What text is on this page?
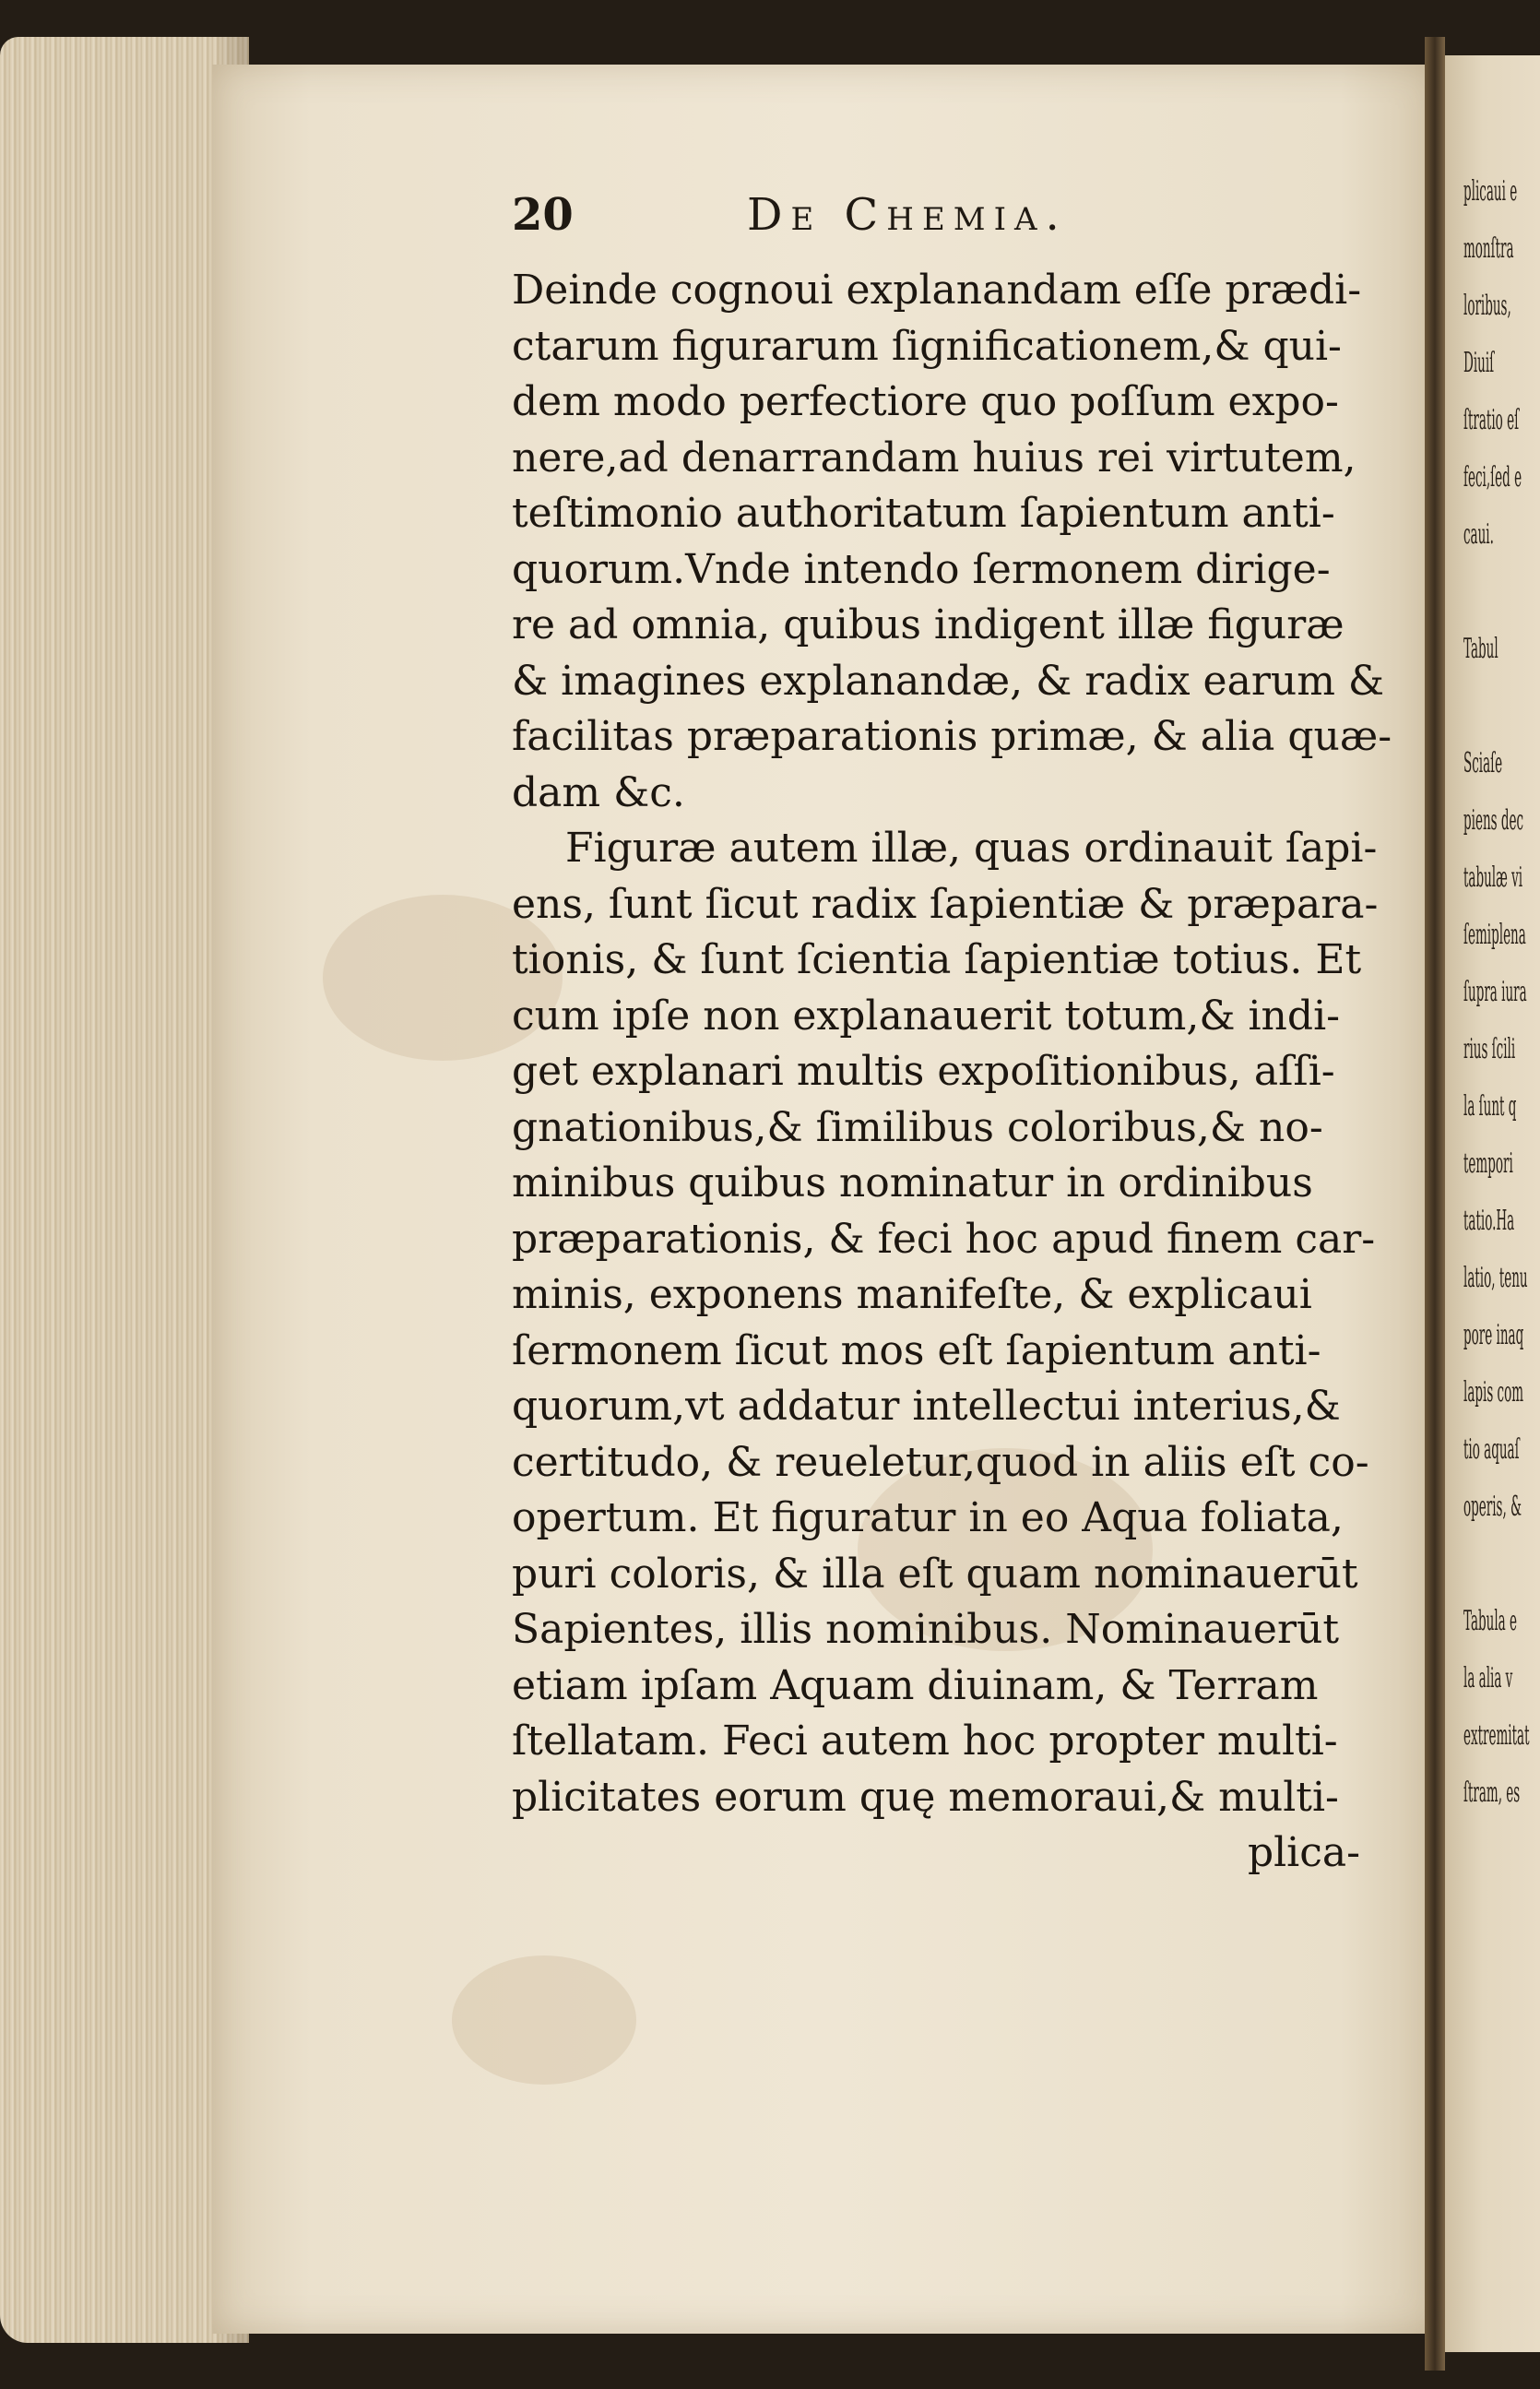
plicaui e
monſtra
loribus,
Diuiſ
ſtratio eſ
feci,ſed e
caui.
Tabul
Sciaſe
piens dec
tabulæ vi
ſemiplena
ſupra iura
rius ſcili
la ſunt q
tempori
tatio.Ha
latio, tenu
pore inaq
lapis com
tio aquaſ
operis, &
Tabula e
la alia v
extremitat
ſtram, es
20	De Chemia.
Deinde cognoui explanandam eſſe prædi-
ctarum figurarum ſignificationem,& qui-
dem modo perfectiore quo poſſum expo-
nere,ad denarrandam huius rei virtutem,
teſtimonio authoritatum ſapientum anti-
quorum.Vnde intendo ſermonem dirige-
re ad omnia, quibus indigent illæ figuræ
& imagines explanandæ, & radix earum &
facilitas præparationis primæ, & alia quæ-
dam &c.
Figuræ autem illæ, quas ordinauit ſapi-
ens, ſunt ſicut radix ſapientiæ & præpara-
tionis, & ſunt ſcientia ſapientiæ totius. Et
cum ipſe non explanauerit totum,& indi-
get explanari multis expoſitionibus, aſſi-
gnationibus,& ſimilibus coloribus,& no-
minibus quibus nominatur in ordinibus
præparationis, & feci hoc apud finem car-
minis, exponens manifeſte, & explicaui
ſermonem ſicut mos eſt ſapientum anti-
quorum,vt addatur intellectui interius,&
certitudo, & reueletur,quod in aliis eſt co-
opertum. Et figuratur in eo Aqua foliata,
puri coloris, & illa eſt quam nominauerūt
Sapientes, illis nominibus. Nominauerūt
etiam ipſam Aquam diuinam, & Terram
ſtellatam. Feci autem hoc propter multi-
plicitates eorum quę memoraui,& multi-
plica-
